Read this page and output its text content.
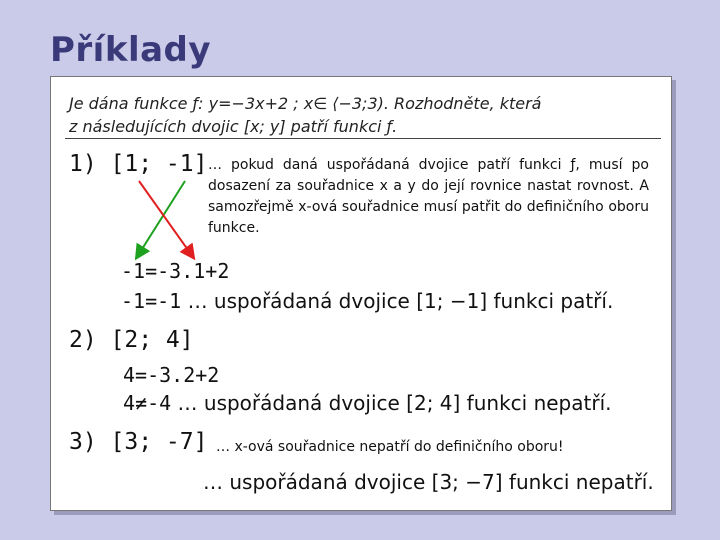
Příklady
Je dána funkce ƒ: y=−3x+2 ; x∈ ⟨−3;3). Rozhodněte, která
z následujících dvojic [x; y] patří funkci ƒ.
1) [1; -1] … pokud daná uspořádaná dvojice patří funkci ƒ, musí po dosazení za souřadnice x a y do její rovnice nastat rovnost. A samozřejmě x-ová souřadnice musí patřit do definičního oboru funkce.
-1=-3.1+2
-1=-1 … uspořádaná dvojice [1; −1] funkci patří.
2) [2; 4]
4=-3.2+2
4≠-4 … uspořádaná dvojice [2; 4] funkci nepatří.
3) [3; -7] … x-ová souřadnice nepatří do definičního oboru!
… uspořádaná dvojice [3; −7] funkci nepatří.
